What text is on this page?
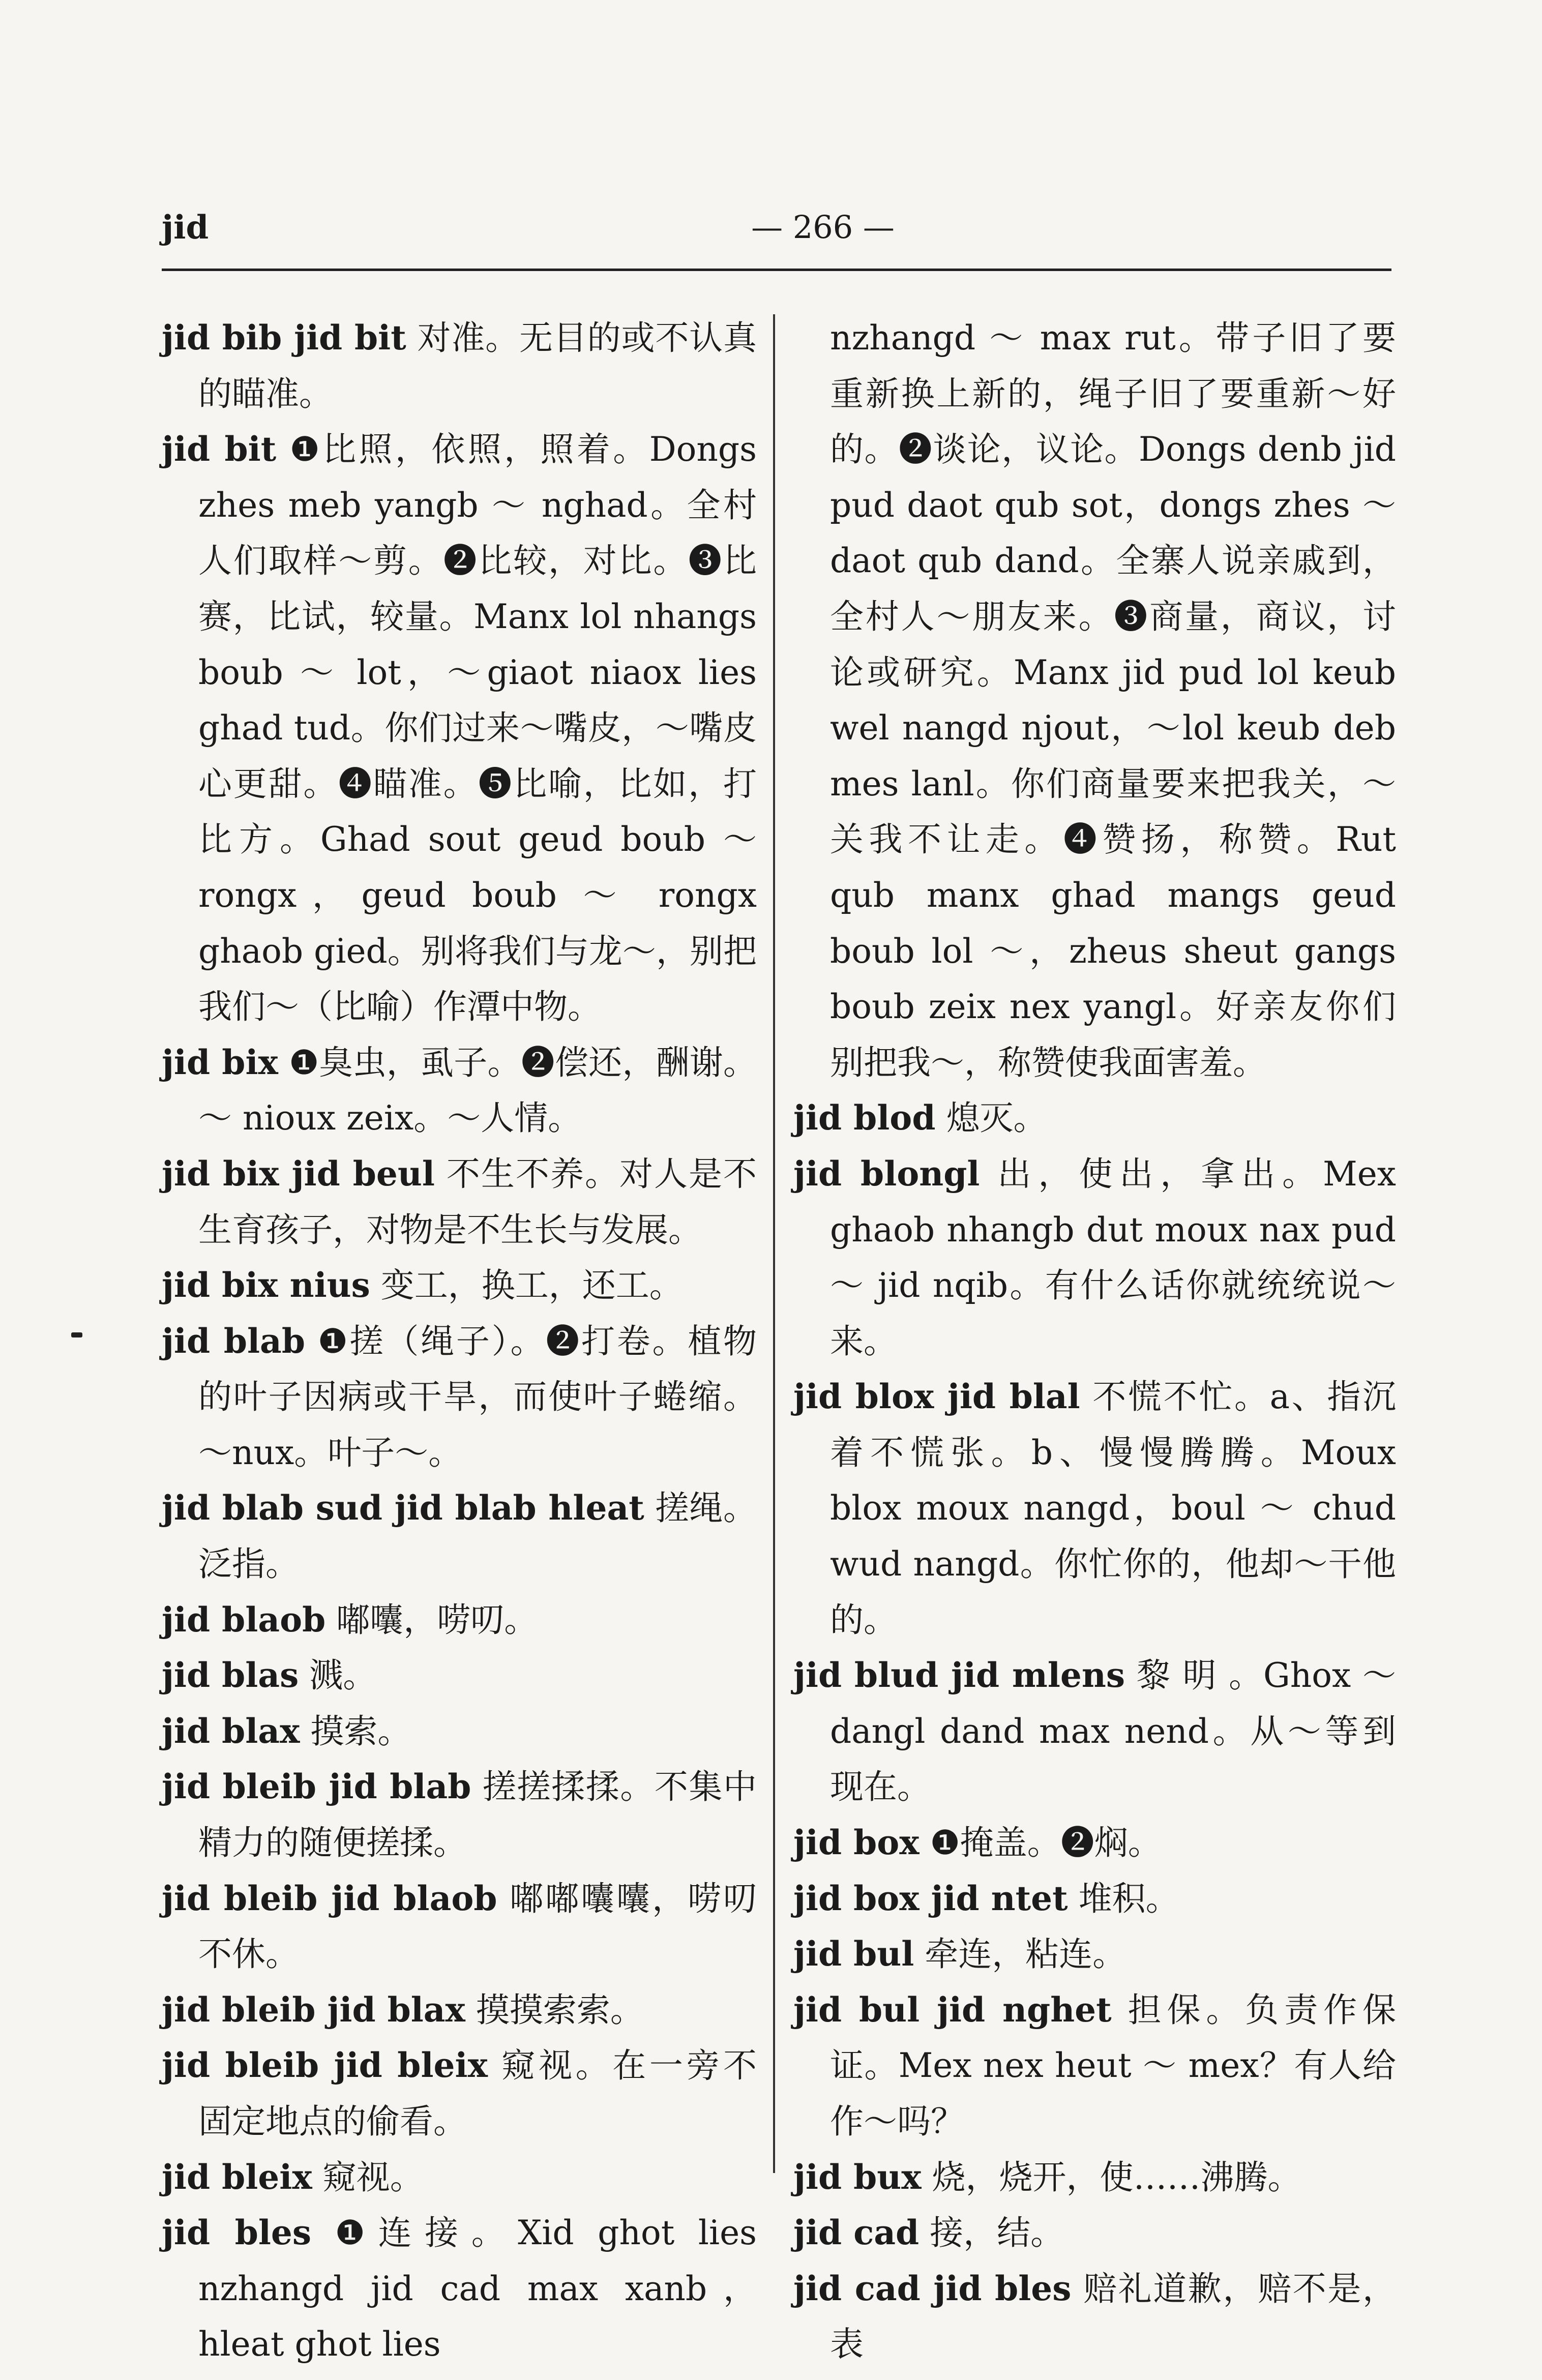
jid	— 266 —

jid bib jid bit 对准。无目的或不认真的瞄准。

jid bit ❶比照，依照，照着。Dongs zhes meb yangb ～ nghad。全村人们取样～剪。❷比较，对比。❸比赛，比试，较量。Manx lol nhangs boub ～ lot，～giaot niaox lies ghad tud。你们过来～嘴皮，～嘴皮心更甜。❹瞄准。❺比喻，比如，打比方。Ghad sout geud boub ～ rongx，geud boub ～ rongx ghaob gied。别将我们与龙～，别把我们～（比喻）作潭中物。

jid bix ❶臭虫，虱子。❷偿还，酬谢。～ nioux zeix。～人情。

jid bix jid beul 不生不养。对人是不生育孩子，对物是不生长与发展。

jid bix nius 变工，换工，还工。

jid blab ❶搓（绳子）。❷打卷。植物的叶子因病或干旱，而使叶子蜷缩。～nux。叶子～。

jid blab sud jid blab hleat 搓绳。泛指。

jid blaob 嘟囔，唠叨。

jid blas 溅。

jid blax 摸索。

jid bleib jid blab 搓搓揉揉。不集中精力的随便搓揉。

jid bleib jid blaob 嘟嘟囔囔，唠叨不休。

jid bleib jid blax 摸摸索索。

jid bleib jid bleix 窥视。在一旁不固定地点的偷看。

jid bleix 窥视。

jid bles ❶连接。Xid ghot lies nzhangd jid cad max xanb，hleat ghot lies

nzhangd ～ max rut。带子旧了要重新换上新的，绳子旧了要重新～好的。❷谈论，议论。Dongs denb jid pud daot qub sot，dongs zhes ～ daot qub dand。全寨人说亲戚到，全村人～朋友来。❸商量，商议，讨论或研究。Manx jid pud lol keub wel nangd njout，～lol keub deb mes lanl。你们商量要来把我关，～关我不让走。❹赞扬，称赞。Rut qub manx ghad mangs geud boub lol ～，zheus sheut gangs boub zeix nex yangl。好亲友你们别把我～，称赞使我面害羞。

jid blod 熄灭。

jid blongl 出，使出，拿出。Mex ghaob nhangb dut moux nax pud ～ jid nqib。有什么话你就统统说～来。

jid blox jid blal 不慌不忙。a、指沉着不慌张。b、慢慢腾腾。Moux blox moux nangd，boul ～ chud wud nangd。你忙你的，他却～干他的。

jid blud jid mlens 黎 明 。Ghox ～ dangl dand max nend。从～等到现在。

jid box ❶掩盖。❷焖。

jid box jid ntet 堆积。

jid bul 牵连，粘连。

jid bul jid nghet 担保。负责作保证。Mex nex heut ～ mex？有人给作～吗？

jid bux 烧，烧开，使……沸腾。

jid cad 接，结。

jid cad jid bles 赔礼道歉，赔不是，表
